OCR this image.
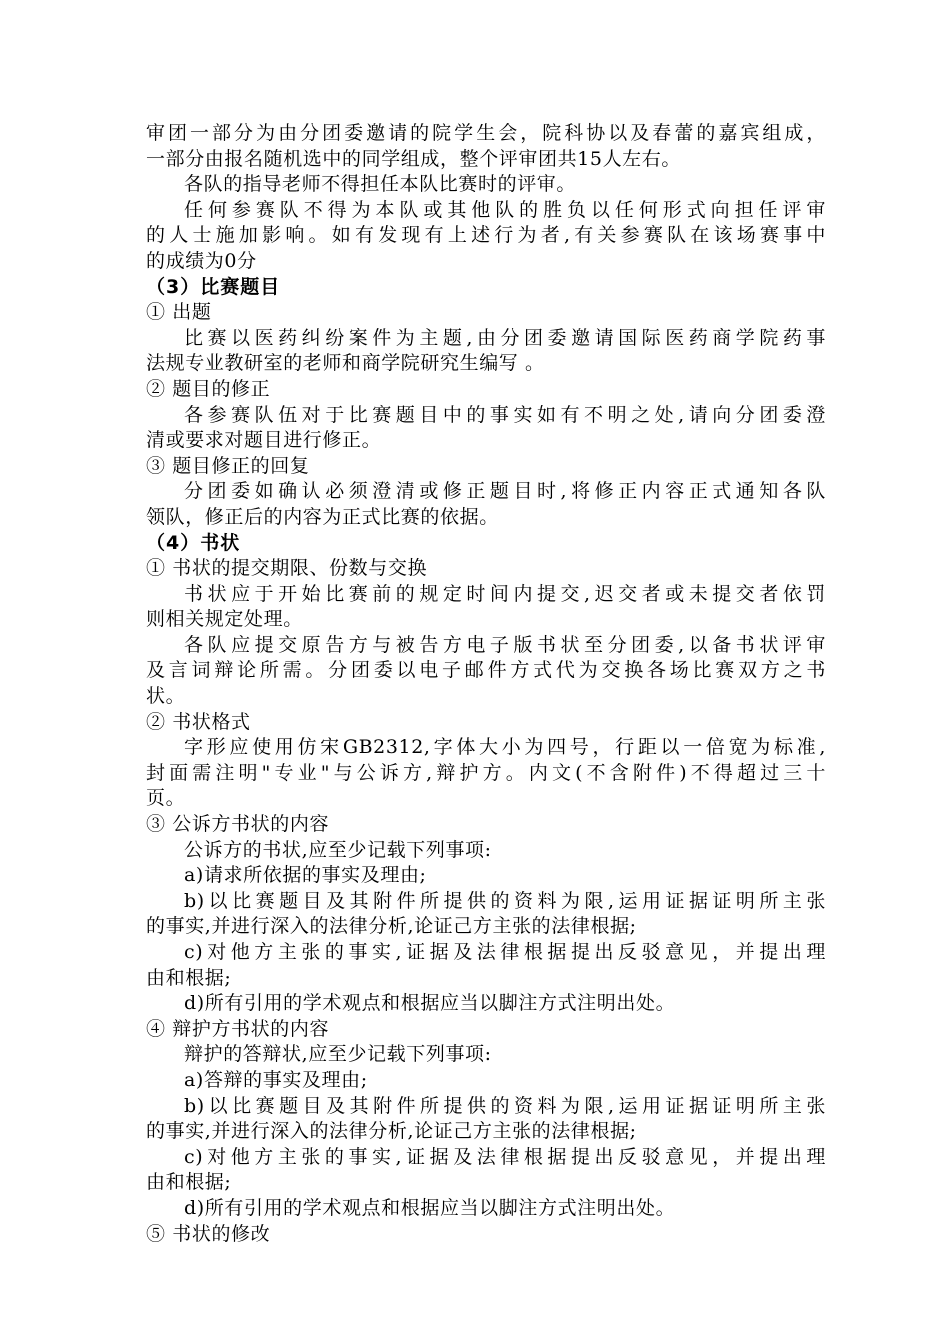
审团一部分为由分团委邀请的院学生会，院科协以及春蕾的嘉宾组成，
一部分由报名随机选中的同学组成，整个评审团共15人左右。
各队的指导老师不得担任本队比赛时的评审。
任何参赛队不得为本队或其他队的胜负以任何形式向担任评审
的人士施加影响。如有发现有上述行为者,有关参赛队在该场赛事中
的成绩为0分
（3）比赛题目
① 出题
比赛以医药纠纷案件为主题,由分团委邀请国际医药商学院药事
法规专业教研室的老师和商学院研究生编写 。
② 题目的修正
各参赛队伍对于比赛题目中的事实如有不明之处,请向分团委澄
清或要求对题目进行修正。
③ 题目修正的回复
分团委如确认必须澄清或修正题目时,将修正内容正式通知各队
领队，修正后的内容为正式比赛的依据。
（4）书状
① 书状的提交期限、份数与交换
书状应于开始比赛前的规定时间内提交,迟交者或未提交者依罚
则相关规定处理。
各队应提交原告方与被告方电子版书状至分团委,以备书状评审
及言词辩论所需。分团委以电子邮件方式代为交换各场比赛双方之书
状。
② 书状格式
字形应使用仿宋GB2312,字体大小为四号，行距以一倍宽为标准,
封面需注明"专业"与公诉方,辩护方。内文(不含附件)不得超过三十
页。
③ 公诉方书状的内容
公诉方的书状,应至少记载下列事项:
a)请求所依据的事实及理由;
b)以比赛题目及其附件所提供的资料为限,运用证据证明所主张
的事实,并进行深入的法律分析,论证己方主张的法律根据;
c)对他方主张的事实,证据及法律根据提出反驳意见，并提出理
由和根据;
d)所有引用的学术观点和根据应当以脚注方式注明出处。
④ 辩护方书状的内容
辩护的答辩状,应至少记载下列事项:
a)答辩的事实及理由;
b)以比赛题目及其附件所提供的资料为限,运用证据证明所主张
的事实,并进行深入的法律分析,论证己方主张的法律根据;
c)对他方主张的事实,证据及法律根据提出反驳意见，并提出理
由和根据;
d)所有引用的学术观点和根据应当以脚注方式注明出处。
⑤ 书状的修改
